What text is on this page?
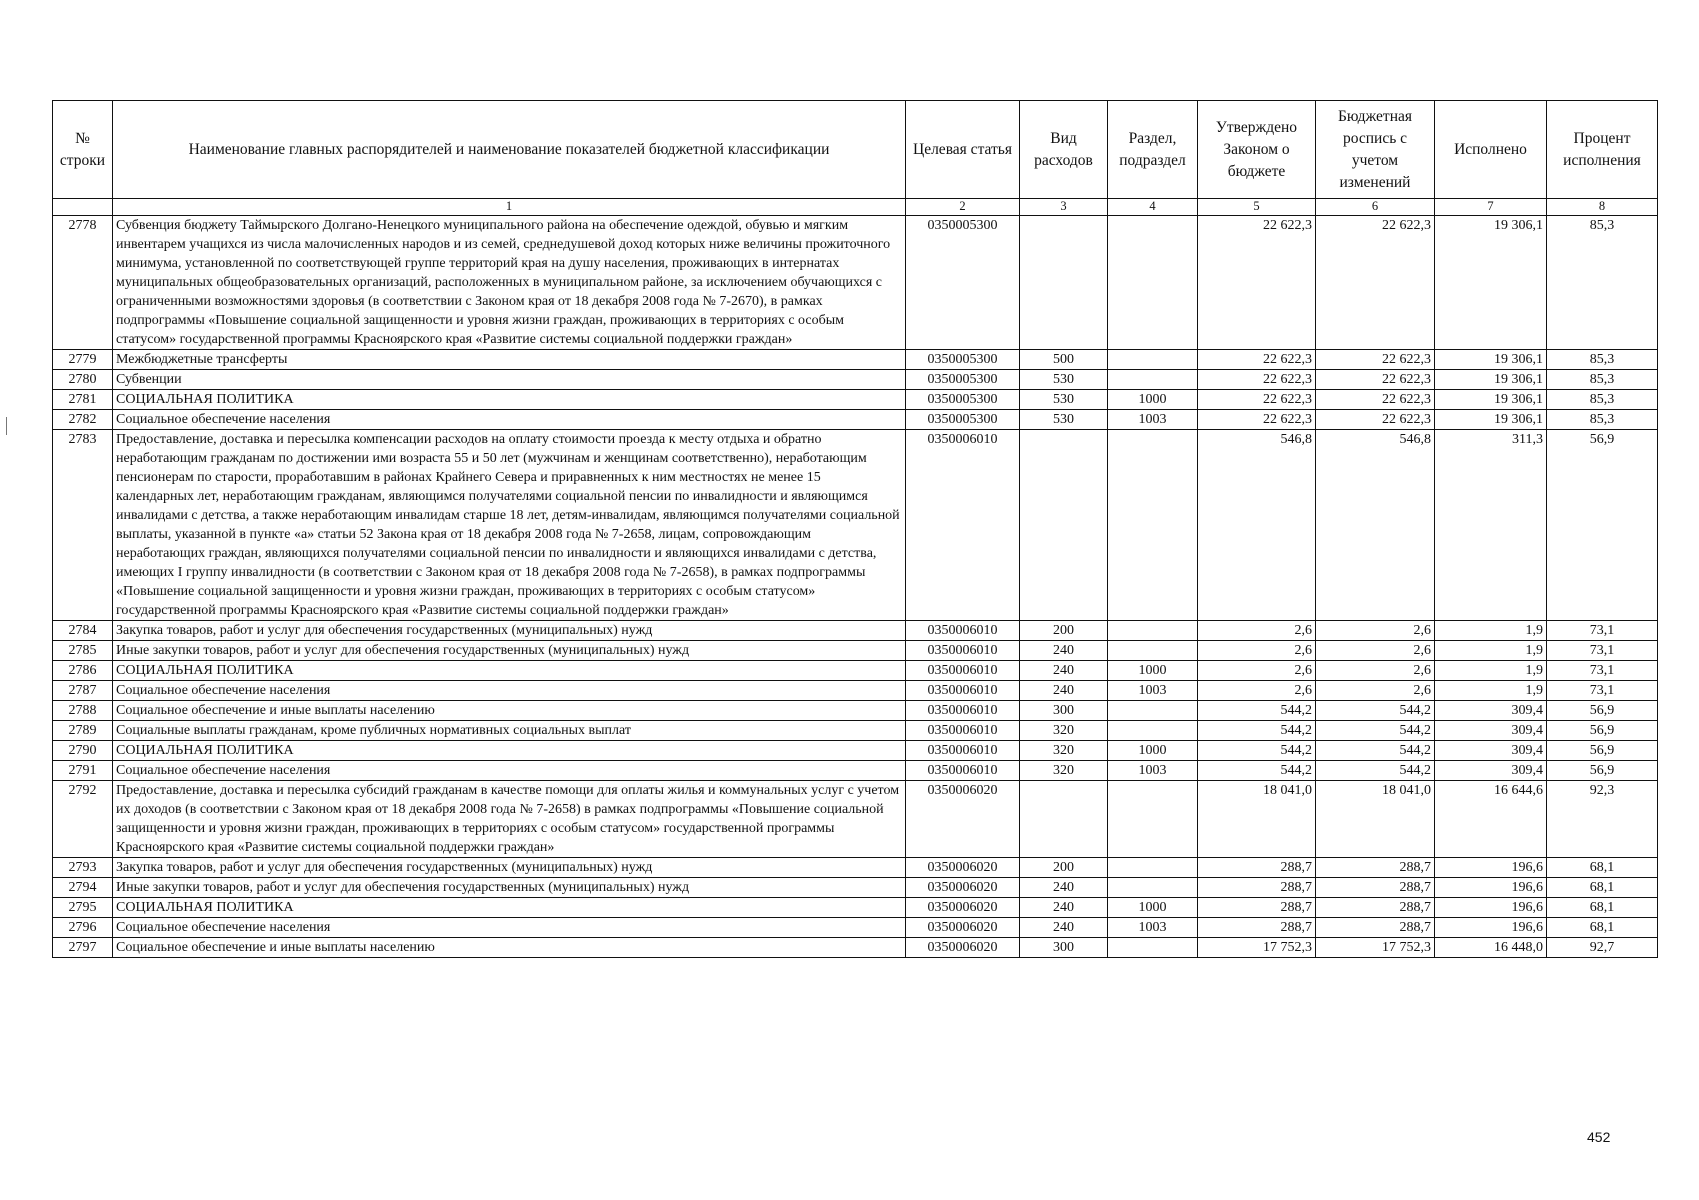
№ строки	Наименование главных распорядителей и наименование показателей бюджетной классификации	Целевая статья	Вид расходов	Раздел, подраздел	Утверждено Законом о бюджете	Бюджетная роспись с учетом изменений	Исполнено	Процент исполнения
	1	2	3	4	5	6	7	8
2778	Субвенция бюджету Таймырского Долгано-Ненецкого муниципального района на обеспечение одеждой, обувью и мягким инвентарем учащихся из числа малочисленных народов и из семей, среднедушевой доход которых ниже величины прожиточного минимума, установленной по соответствующей группе территорий края на душу населения, проживающих в интернатах муниципальных общеобразовательных организаций, расположенных в муниципальном районе, за исключением обучающихся с ограниченными возможностями здоровья (в соответствии с Законом края от 18 декабря 2008 года № 7-2670), в рамках подпрограммы «Повышение социальной защищенности и уровня жизни граждан, проживающих в территориях с особым статусом» государственной программы Красноярского края «Развитие системы социальной поддержки граждан»	0350005300			22 622,3	22 622,3	19 306,1	85,3
2779	Межбюджетные трансферты	0350005300	500		22 622,3	22 622,3	19 306,1	85,3
2780	Субвенции	0350005300	530		22 622,3	22 622,3	19 306,1	85,3
2781	СОЦИАЛЬНАЯ ПОЛИТИКА	0350005300	530	1000	22 622,3	22 622,3	19 306,1	85,3
2782	Социальное обеспечение населения	0350005300	530	1003	22 622,3	22 622,3	19 306,1	85,3
2783	Предоставление, доставка и пересылка компенсации расходов на оплату стоимости проезда к месту отдыха и обратно неработающим гражданам по достижении ими возраста 55 и 50 лет (мужчинам и женщинам соответственно), неработающим пенсионерам по старости, проработавшим в районах Крайнего Севера и приравненных к ним местностях не менее 15 календарных лет, неработающим гражданам, являющимся получателями социальной пенсии по инвалидности и являющимся инвалидами с детства, а также неработающим инвалидам старше 18 лет, детям-инвалидам, являющимся получателями социальной выплаты, указанной в пункте «а» статьи 52 Закона края от 18 декабря 2008 года № 7-2658, лицам, сопровождающим неработающих граждан, являющихся получателями социальной пенсии по инвалидности и являющихся инвалидами с детства, имеющих I группу инвалидности (в соответствии с Законом края от 18 декабря 2008 года № 7-2658), в рамках подпрограммы «Повышение социальной защищенности и уровня жизни граждан, проживающих в территориях с особым статусом» государственной программы Красноярского края «Развитие системы социальной поддержки граждан»	0350006010			546,8	546,8	311,3	56,9
2784	Закупка товаров, работ и услуг для обеспечения государственных (муниципальных) нужд	0350006010	200		2,6	2,6	1,9	73,1
2785	Иные закупки товаров, работ и услуг для обеспечения государственных (муниципальных) нужд	0350006010	240		2,6	2,6	1,9	73,1
2786	СОЦИАЛЬНАЯ ПОЛИТИКА	0350006010	240	1000	2,6	2,6	1,9	73,1
2787	Социальное обеспечение населения	0350006010	240	1003	2,6	2,6	1,9	73,1
2788	Социальное обеспечение и иные выплаты населению	0350006010	300		544,2	544,2	309,4	56,9
2789	Социальные выплаты гражданам, кроме публичных нормативных социальных выплат	0350006010	320		544,2	544,2	309,4	56,9
2790	СОЦИАЛЬНАЯ ПОЛИТИКА	0350006010	320	1000	544,2	544,2	309,4	56,9
2791	Социальное обеспечение населения	0350006010	320	1003	544,2	544,2	309,4	56,9
2792	Предоставление, доставка и пересылка субсидий гражданам в качестве помощи для оплаты жилья и коммунальных услуг с учетом их доходов (в соответствии с Законом края от 18 декабря 2008 года № 7-2658) в рамках подпрограммы «Повышение социальной защищенности и уровня жизни граждан, проживающих в территориях с особым статусом» государственной программы Красноярского края «Развитие системы социальной поддержки граждан»	0350006020			18 041,0	18 041,0	16 644,6	92,3
2793	Закупка товаров, работ и услуг для обеспечения государственных (муниципальных) нужд	0350006020	200		288,7	288,7	196,6	68,1
2794	Иные закупки товаров, работ и услуг для обеспечения государственных (муниципальных) нужд	0350006020	240		288,7	288,7	196,6	68,1
2795	СОЦИАЛЬНАЯ ПОЛИТИКА	0350006020	240	1000	288,7	288,7	196,6	68,1
2796	Социальное обеспечение населения	0350006020	240	1003	288,7	288,7	196,6	68,1
2797	Социальное обеспечение и иные выплаты населению	0350006020	300		17 752,3	17 752,3	16 448,0	92,7
452
